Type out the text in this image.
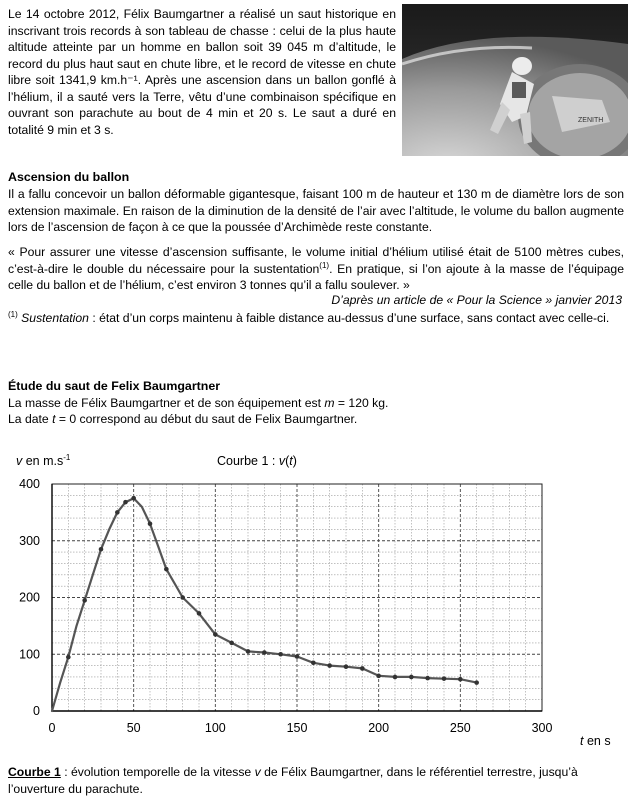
Le 14 octobre 2012, Félix Baumgartner a réalisé un saut historique en inscrivant trois records à son tableau de chasse : celui de la plus haute altitude atteinte par un homme en ballon soit 39 045 m d’altitude, le record du plus haut saut en chute libre, et le record de vitesse en chute libre soit 1341,9 km.h⁻¹. Après une ascension dans un ballon gonflé à l’hélium, il a sauté vers la Terre, vêtu d’une combinaison spécifique en ouvrant son parachute au bout de 4 min et 20 s. Le saut a duré en totalité 9 min et 3 s.
ZENITH
Ascension du ballon
Il a fallu concevoir un ballon déformable gigantesque, faisant 100 m de hauteur et 130 m de diamètre lors de son extension maximale. En raison de la diminution de la densité de l’air avec l’altitude, le volume du ballon augmente lors de l’ascension de façon à ce que la poussée d’Archimède reste constante.
« Pour assurer une vitesse d’ascension suffisante, le volume initial d’hélium utilisé était de 5100 mètres cubes, c’est-à-dire le double du nécessaire pour la sustentation$^{(1)}$. En pratique, si l’on ajoute à la masse de l’équipage celle du ballon et de l’hélium, c’est environ 3 tonnes qu’il a fallu soulever. »
D’après un article de « Pour la Science » janvier 2013
$^{(1)}$ Sustentation : état d’un corps maintenu à faible distance au-dessus d’une surface, sans contact avec celle-ci.
Étude du saut de Felix Baumgartner
La masse de Félix Baumgartner et de son équipement est m = 120 kg.
La date t = 0 correspond au début du saut de Felix Baumgartner.
v en $m.s^{-1}$	Courbe 1 : v(t)
t en s
0	50	100	150	200	250	300
0
100
200
300
400
Courbe 1 : évolution temporelle de la vitesse v de Félix Baumgartner, dans le référentiel terrestre, jusqu’à l’ouverture du parachute.
